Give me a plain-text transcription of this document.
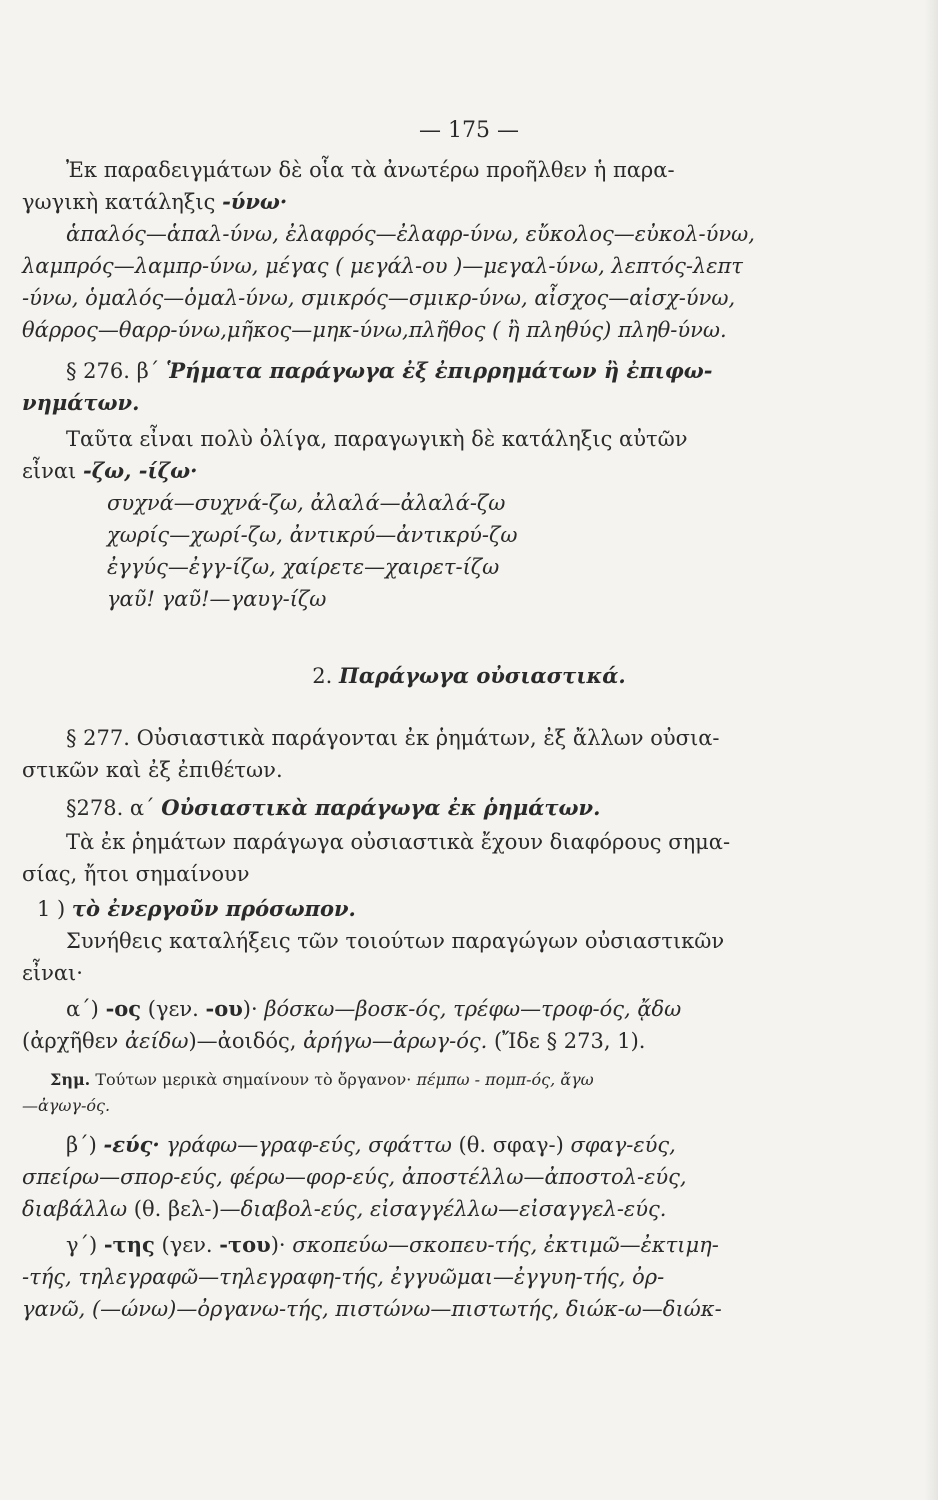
— 175 —
Ἐκ παραδειγμάτων δὲ οἷα τὰ ἀνωτέρω προῆλθεν ἡ παρα-
γωγικὴ κατάληξις -ύνω·
ἁπαλός—ἁπαλ-ύνω, ἐλαφρός—ἐλαφρ-ύνω, εὔκολος—εὐκολ-ύνω,
λαμπρός—λαμπρ-ύνω, μέγας ( μεγάλ-ου )—μεγαλ-ύνω, λεπτός-λεπτ
-ύνω, ὁμαλός—ὁμαλ-ύνω, σμικρός—σμικρ-ύνω, αἶσχος—αἰσχ-ύνω,
θάρρος—θαρρ-ύνω,μῆκος—μηκ-ύνω,πλῆθος ( ἢ πληθύς) πληθ-ύνω.
§ 276. β΄ Ῥήματα παράγωγα ἐξ ἐπιρρημάτων ἢ ἐπιφω-
νημάτων.
Ταῦτα εἶναι πολὺ ὀλίγα, παραγωγικὴ δὲ κατάληξις αὐτῶν
εἶναι -ζω, -ίζω·
συχνά—συχνά-ζω, ἀλαλά—ἀλαλά-ζω
χωρίς—χωρί-ζω, ἀντικρύ—ἀντικρύ-ζω
ἐγγύς—ἐγγ-ίζω, χαίρετε—χαιρετ-ίζω
γαῦ! γαῦ!—γαυγ-ίζω
2. Παράγωγα οὐσιαστικά.
§ 277. Οὐσιαστικὰ παράγονται ἐκ ῥημάτων, ἐξ ἄλλων οὐσια-
στικῶν καὶ ἐξ ἐπιθέτων.
§278. α΄ Οὐσιαστικὰ παράγωγα ἐκ ῥημάτων.
Τὰ ἐκ ῥημάτων παράγωγα οὐσιαστικὰ ἔχουν διαφόρους σημα-
σίας, ἤτοι σημαίνουν
1 ) τὸ ἐνεργοῦν πρόσωπον.
Συνήθεις καταλήξεις τῶν τοιούτων παραγώγων οὐσιαστικῶν
εἶναι·
α΄) -ος (γεν. -ου)· βόσκω—βοσκ-ός, τρέφω—τροφ-ός, ᾄδω
(ἀρχῆθεν ἀείδω)—ἀοιδός, ἀρήγω—ἀρωγ-ός. (Ἴδε § 273, 1).
Σημ. Τούτων μερικὰ σημαίνουν τὸ ὄργανον· πέμπω - πομπ-ός, ἄγω
—ἀγωγ-ός.
β΄) -εύς· γράφω—γραφ-εύς, σφάττω (θ. σφαγ-) σφαγ-εύς,
σπείρω—σπορ-εύς, φέρω—φορ-εύς, ἀποστέλλω—ἀποστολ-εύς,
διαβάλλω (θ. βελ-)—διαβολ-εύς, εἰσαγγέλλω—εἰσαγγελ-εύς.
γ΄) -της (γεν. -του)· σκοπεύω—σκοπευ-τής, ἐκτιμῶ—ἐκτιμη-
-τής, τηλεγραφῶ—τηλεγραφη-τής, ἐγγυῶμαι—ἐγγυη-τής, ὀρ-
γανῶ, (—ώνω)—ὀργανω-τής, πιστώνω—πιστωτής, διώκ-ω—διώκ-
